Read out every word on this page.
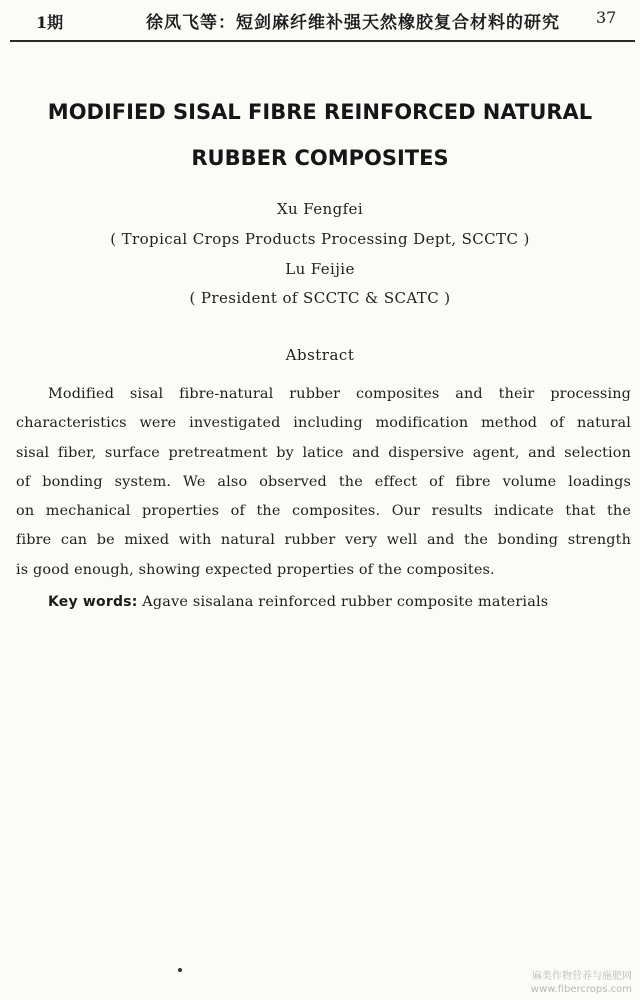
1期	徐凤飞等：短剑麻纤维补强天然橡胶复合材料的研究 37
MODIFIED SISAL FIBRE REINFORCED NATURAL
RUBBER COMPOSITES
Xu Fengfei
( Tropical Crops Products Processing Dept, SCCTC )
Lu Feijie
( President of SCCTC & SCATC )
Abstract
Modified sisal fibre-natural rubber composites and their processing
characteristics were investigated including modification method of natural
sisal fiber, surface pretreatment by latice and dispersive agent, and selection
of bonding system. We also observed the effect of fibre volume loadings
on mechanical properties of the composites. Our results indicate that the
fibre can be mixed with natural rubber very well and the bonding strength
is good enough, showing expected properties of the composites.
Key words: Agave sisalana reinforced rubber composite materials
麻类作物营养与施肥网
www.fibercrops.com
